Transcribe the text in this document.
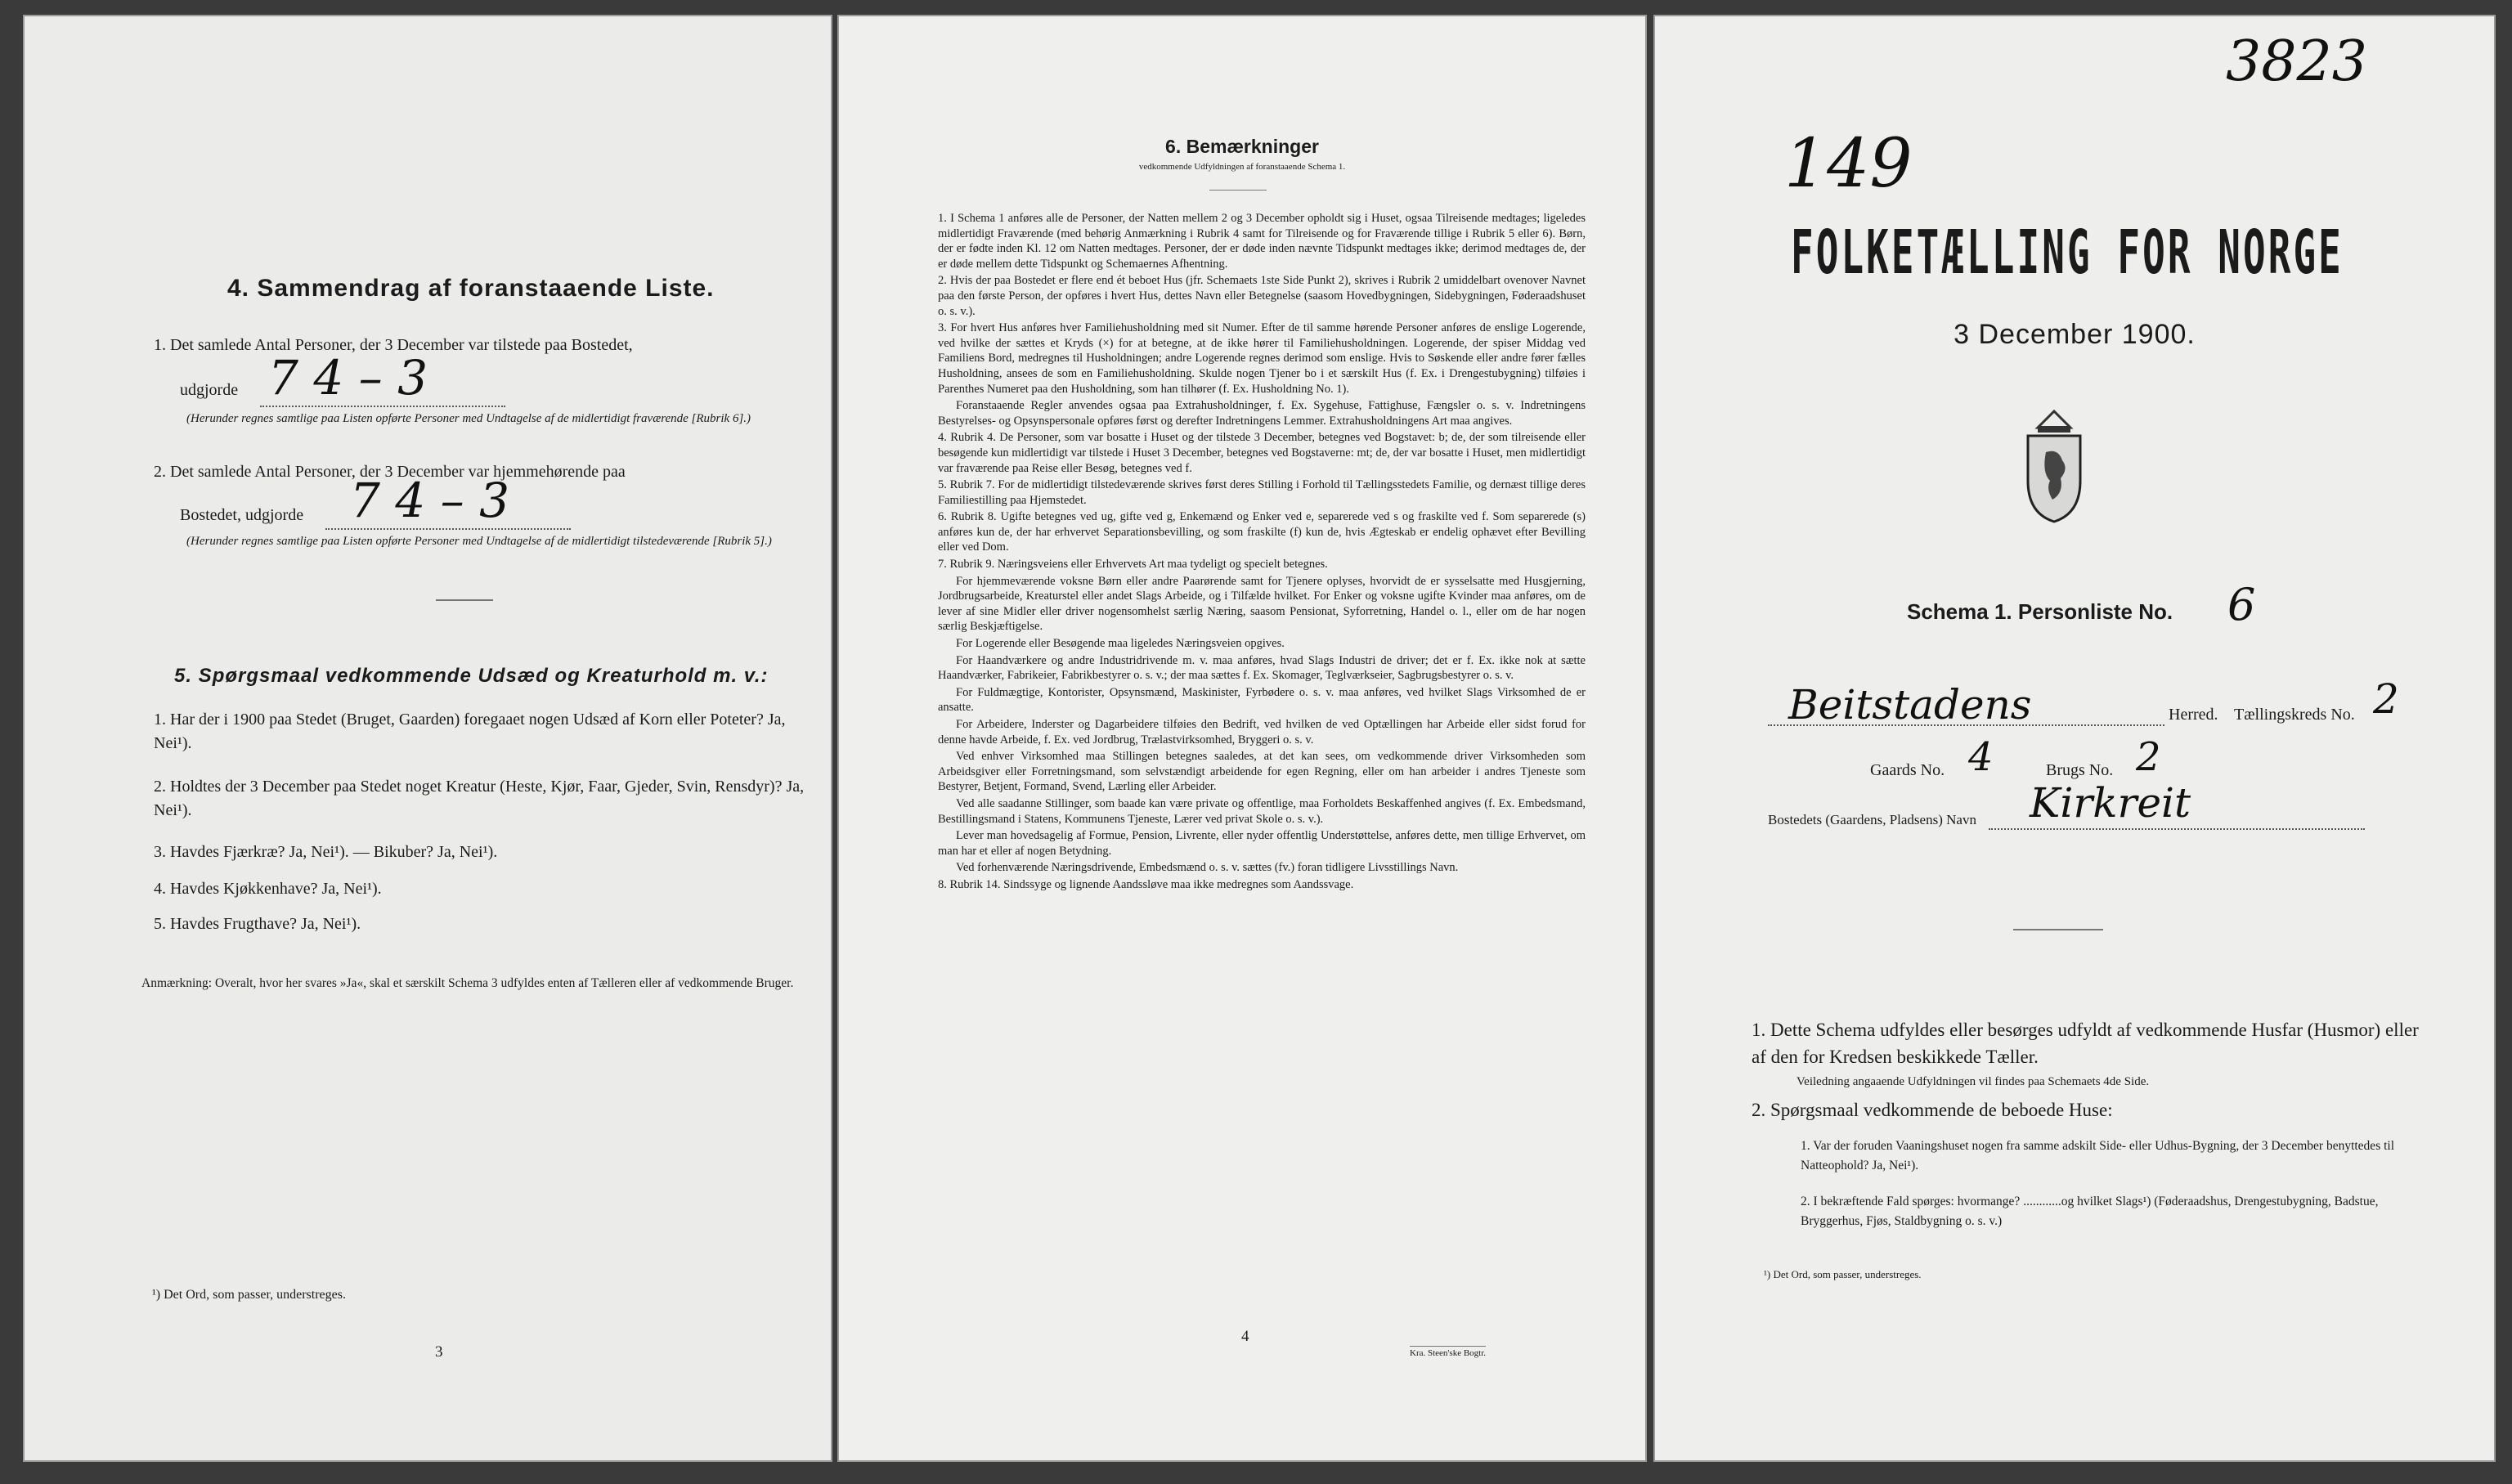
4. Sammendrag af foranstaaende Liste.
1. Det samlede Antal Personer, der 3 December var tilstede paa Bostedet,
udgjorde 7 4 – 3
(Herunder regnes samtlige paa Listen opførte Personer med Undtagelse af de midlertidigt fraværende [Rubrik 6].)
2. Det samlede Antal Personer, der 3 December var hjemmehørende paa
Bostedet, udgjorde 7 4 – 3
(Herunder regnes samtlige paa Listen opførte Personer med Undtagelse af de midlertidigt tilstedeværende [Rubrik 5].)
5. Spørgsmaal vedkommende Udsæd og Kreaturhold m. v.:
1. Har der i 1900 paa Stedet (Bruget, Gaarden) foregaaet nogen Udsæd af Korn eller Poteter? Ja, Nei¹).
2. Holdtes der 3 December paa Stedet noget Kreatur (Heste, Kjør, Faar, Gjeder, Svin, Rensdyr)? Ja, Nei¹).
3. Havdes Fjærkræ? Ja, Nei¹). — Bikuber? Ja, Nei¹).
4. Havdes Kjøkkenhave? Ja, Nei¹).
5. Havdes Frugthave? Ja, Nei¹).
Anmærkning: Overalt, hvor her svares »Ja«, skal et særskilt Schema 3 udfyldes enten af Tælleren eller af vedkommende Bruger.
¹) Det Ord, som passer, understreges.
3
6. Bemærkninger
vedkommende Udfyldningen af foranstaaende Schema 1.
1. I Schema 1 anføres alle de Personer, der Natten mellem 2 og 3 December opholdt sig i Huset, ogsaa Tilreisende medtages; ligeledes midlertidigt Fraværende (med behørig Anmærkning i Rubrik 4 samt for Tilreisende og for Fraværende tillige i Rubrik 5 eller 6). Børn, der er fødte inden Kl. 12 om Natten medtages. Personer, der er døde inden nævnte Tidspunkt medtages ikke; derimod medtages de, der er døde mellem dette Tidspunkt og Schemaernes Afhentning.
2. Hvis der paa Bostedet er flere end ét beboet Hus (jfr. Schemaets 1ste Side Punkt 2), skrives i Rubrik 2 umiddelbart ovenover Navnet paa den første Person, der opføres i hvert Hus, dettes Navn eller Betegnelse (saasom Hovedbygningen, Sidebygningen, Føderaadshuset o. s. v.).
3. For hvert Hus anføres hver Familiehusholdning med sit Numer. Efter de til samme hørende Personer anføres de enslige Logerende, ved hvilke der sættes et Kryds (×) for at betegne, at de ikke hører til Familiehusholdningen. Logerende, der spiser Middag ved Familiens Bord, medregnes til Husholdningen; andre Logerende regnes derimod som enslige. Hvis to Søskende eller andre fører fælles Husholdning, ansees de som en Familiehusholdning. Skulde nogen Tjener bo i et særskilt Hus (f. Ex. i Drengestubygning) tilføies i Parenthes Numeret paa den Husholdning, som han tilhører (f. Ex. Husholdning No. 1).
Foranstaaende Regler anvendes ogsaa paa Extrahusholdninger, f. Ex. Sygehuse, Fattighuse, Fængsler o. s. v. Indretningens Bestyrelses- og Opsynspersonale opføres først og derefter Indretningens Lemmer. Extrahusholdningens Art maa angives.
4. Rubrik 4. De Personer, som var bosatte i Huset og der tilstede 3 December, betegnes ved Bogstavet: b; de, der som tilreisende eller besøgende kun midlertidigt var tilstede i Huset 3 December, betegnes ved Bogstaverne: mt; de, der var bosatte i Huset, men midlertidigt var fraværende paa Reise eller Besøg, betegnes ved f.
5. Rubrik 7. For de midlertidigt tilstedeværende skrives først deres Stilling i Forhold til Tællingsstedets Familie, og dernæst tillige deres Familiestilling paa Hjemstedet.
6. Rubrik 8. Ugifte betegnes ved ug, gifte ved g, Enkemænd og Enker ved e, separerede ved s og fraskilte ved f. Som separerede (s) anføres kun de, der har erhvervet Separationsbevilling, og som fraskilte (f) kun de, hvis Ægteskab er endelig ophævet efter Bevilling eller ved Dom.
7. Rubrik 9. Næringsveiens eller Erhvervets Art maa tydeligt og specielt betegnes.
For hjemmeværende voksne Børn eller andre Paarørende samt for Tjenere oplyses, hvorvidt de er sysselsatte med Husgjerning, Jordbrugsarbeide, Kreaturstel eller andet Slags Arbeide, og i Tilfælde hvilket. For Enker og voksne ugifte Kvinder maa anføres, om de lever af sine Midler eller driver nogensomhelst særlig Næring, saasom Pensionat, Syforretning, Handel o. l., eller om de har nogen særlig Beskjæftigelse.
For Logerende eller Besøgende maa ligeledes Næringsveien opgives.
For Haandværkere og andre Industridrivende m. v. maa anføres, hvad Slags Industri de driver; det er f. Ex. ikke nok at sætte Haandværker, Fabrikeier, Fabrikbestyrer o. s. v.; der maa sættes f. Ex. Skomager, Teglværkseier, Sagbrugsbestyrer o. s. v.
For Fuldmægtige, Kontorister, Opsynsmænd, Maskinister, Fyrbødere o. s. v. maa anføres, ved hvilket Slags Virksomhed de er ansatte.
For Arbeidere, Inderster og Dagarbeidere tilføies den Bedrift, ved hvilken de ved Optællingen har Arbeide eller sidst forud for denne havde Arbeide, f. Ex. ved Jordbrug, Trælastvirksomhed, Bryggeri o. s. v.
Ved enhver Virksomhed maa Stillingen betegnes saaledes, at det kan sees, om vedkommende driver Virksomheden som Arbeidsgiver eller Forretningsmand, som selvstændigt arbeidende for egen Regning, eller om han arbeider i andres Tjeneste som Bestyrer, Betjent, Formand, Svend, Lærling eller Arbeider.
Ved alle saadanne Stillinger, som baade kan være private og offentlige, maa Forholdets Beskaffenhed angives (f. Ex. Embedsmand, Bestillingsmand i Statens, Kommunens Tjeneste, Lærer ved privat Skole o. s. v.).
Lever man hovedsagelig af Formue, Pension, Livrente, eller nyder offentlig Understøttelse, anføres dette, men tillige Erhvervet, om man har et eller af nogen Betydning.
Ved forhenværende Næringsdrivende, Embedsmænd o. s. v. sættes (fv.) foran tidligere Livsstillings Navn.
8. Rubrik 14. Sindssyge og lignende Aandssløve maa ikke medregnes som Aandssvage.
4
Kra. Steen'ske Bogtr.
3823
149
FOLKETÆLLING FOR NORGE
3 December 1900.
Schema 1. Personliste No. 6
Beitstadens	Herred. Tællingskreds No. 2
Gaards No. 4	Brugs No. 2
Bostedets (Gaardens, Pladsens) Navn Kirkreit
1. Dette Schema udfyldes eller besørges udfyldt af vedkommende Husfar (Husmor) eller af den for Kredsen beskikkede Tæller.
Veiledning angaaende Udfyldningen vil findes paa Schemaets 4de Side.
2. Spørgsmaal vedkommende de beboede Huse:
1. Var der foruden Vaaningshuset nogen fra samme adskilt Side- eller Udhus-Bygning, der 3 December benyttedes til Natteophold? Ja, Nei¹).
2. I bekræftende Fald spørges: hvormange? ............og hvilket Slags¹) (Føderaadshus, Drengestubygning, Badstue, Bryggerhus, Fjøs, Staldbygning o. s. v.)
¹) Det Ord, som passer, understreges.
